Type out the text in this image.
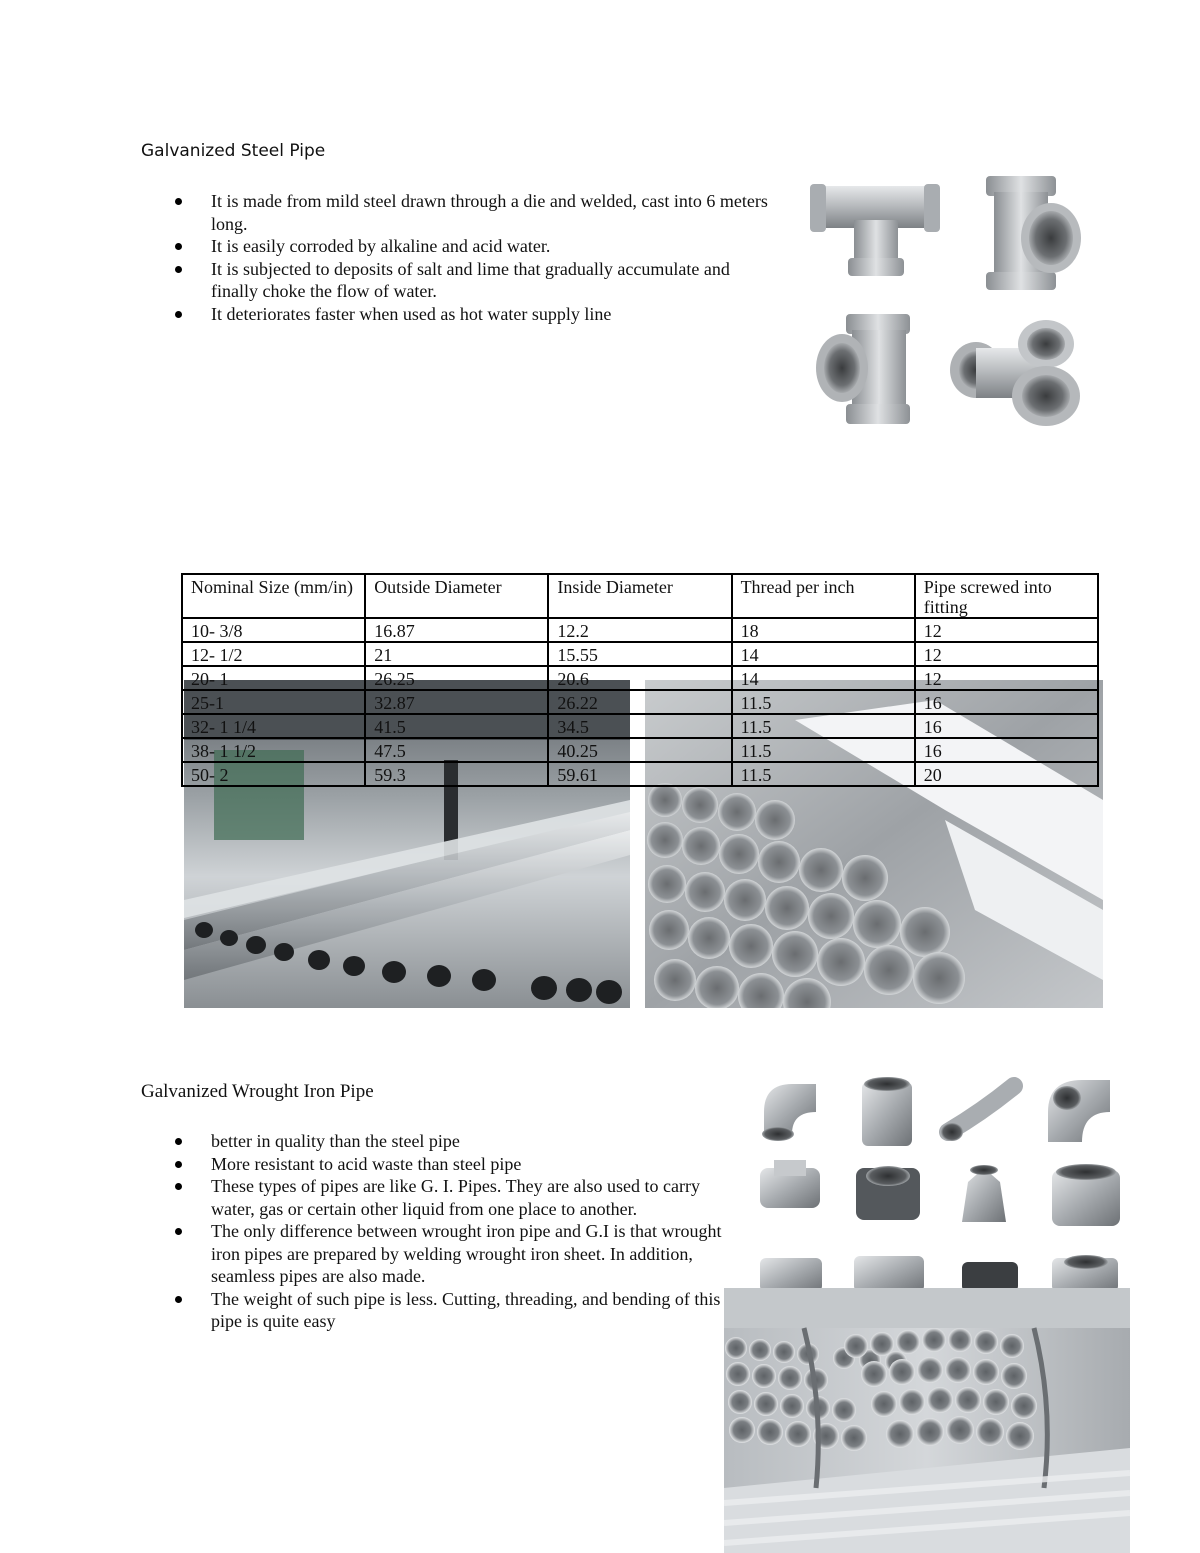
Galvanized Steel Pipe
It is made from mild steel drawn through a die and welded, cast into 6 meters long.
It is easily corroded by alkaline and acid water.
It is subjected to deposits of salt and lime that gradually accumulate and finally choke the flow of water.
It deteriorates faster when used as hot water supply line
Nominal Size (mm/in)	Outside Diameter	Inside Diameter	Thread per inch	Pipe screwed into fitting
10- 3/8	16.87	12.2	18	12
12- 1/2	21	15.55	14	12
20- 1	26.25	20.6	14	12
25-1	32.87	26.22	11.5	16
32- 1 1/4	41.5	34.5	11.5	16
38- 1 1/2	47.5	40.25	11.5	16
50- 2	59.3	59.61	11.5	20
Galvanized Wrought Iron Pipe
better in quality than the steel pipe
More resistant to acid waste than steel pipe
These types of pipes are like G. I. Pipes. They are also used to carry water, gas or certain other liquid from one place to another.
The only difference between wrought iron pipe and G.I is that wrought iron pipes are prepared by welding wrought iron sheet. In addition, seamless pipes are also made.
The weight of such pipe is less. Cutting, threading, and bending of this pipe is quite easy
